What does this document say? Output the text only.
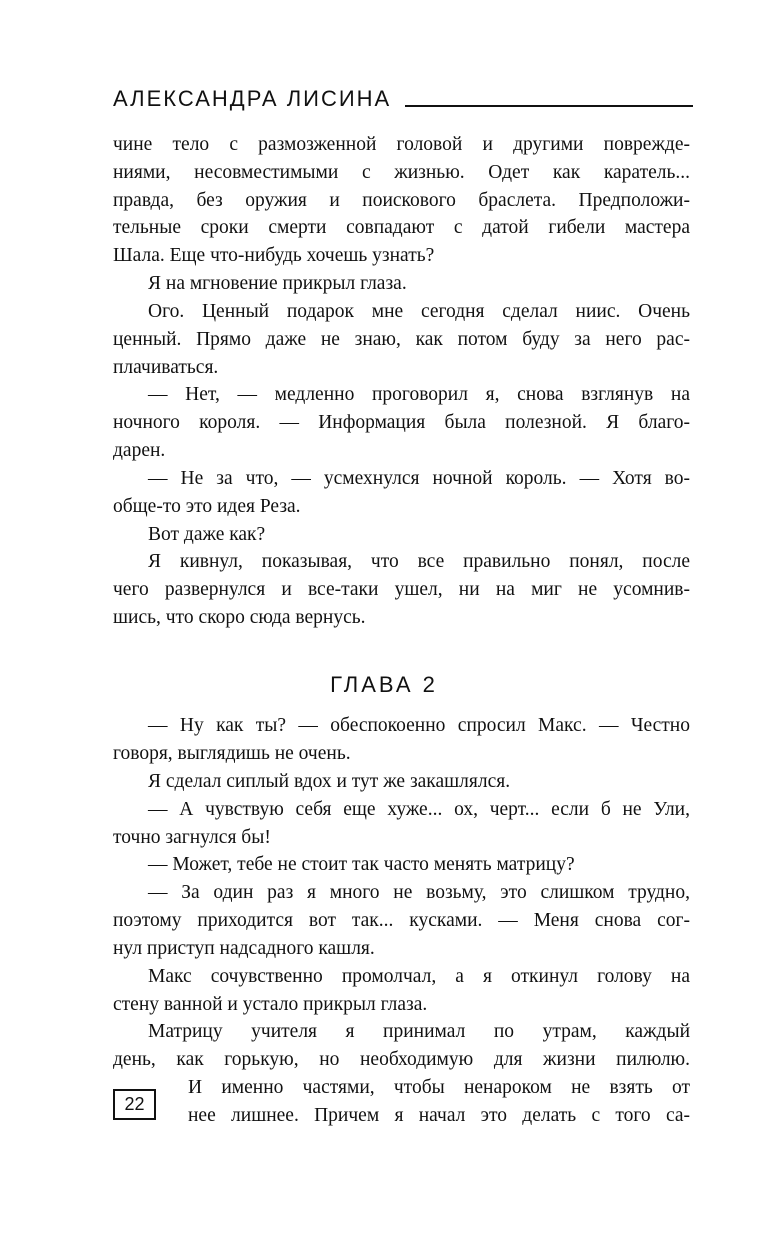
АЛЕКСАНДРА ЛИСИНА
чине тело с размозженной головой и другими поврежде-
ниями, несовместимыми с жизнью. Одет как каратель...
правда, без оружия и поискового браслета. Предположи-
тельные сроки смерти совпадают с датой гибели мастера
Шала. Еще что-нибудь хочешь узнать?
Я на мгновение прикрыл глаза.
Ого. Ценный подарок мне сегодня сделал ниис. Очень
ценный. Прямо даже не знаю, как потом буду за него рас-
плачиваться.
— Нет, — медленно проговорил я, снова взглянув на
ночного короля. — Информация была полезной. Я благо-
дарен.
— Не за что, — усмехнулся ночной король. — Хотя во-
обще-то это идея Реза.
Вот даже как?
Я кивнул, показывая, что все правильно понял, после
чего развернулся и все-таки ушел, ни на миг не усомнив-
шись, что скоро сюда вернусь.
ГЛАВА 2
— Ну как ты? — обеспокоенно спросил Макс. — Честно
говоря, выглядишь не очень.
Я сделал сиплый вдох и тут же закашлялся.
— А чувствую себя еще хуже... ох, черт... если б не Ули,
точно загнулся бы!
— Может, тебе не стоит так часто менять матрицу?
— За один раз я много не возьму, это слишком трудно,
поэтому приходится вот так... кусками. — Меня снова сог-
нул приступ надсадного кашля.
Макс сочувственно промолчал, а я откинул голову на
стену ванной и устало прикрыл глаза.
Матрицу учителя я принимал по утрам, каждый
день, как горькую, но необходимую для жизни пилюлю.
И именно частями, чтобы ненароком не взять от
нее лишнее. Причем я начал это делать с того са-
22
